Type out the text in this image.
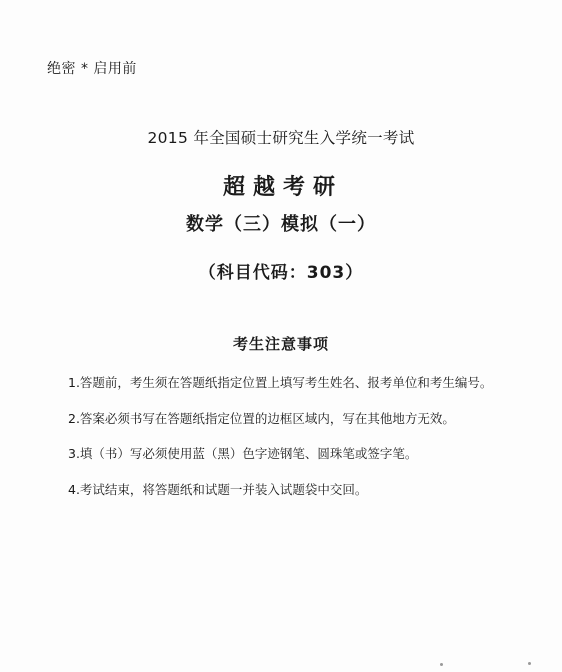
绝密 * 启用前
2015 年全国硕士研究生入学统一考试
超越考研
数学（三）模拟（一）
（科目代码：303）
考生注意事项
1.答题前，考生须在答题纸指定位置上填写考生姓名、报考单位和考生编号。
2.答案必须书写在答题纸指定位置的边框区域内，写在其他地方无效。
3.填（书）写必须使用蓝（黑）色字迹钢笔、圆珠笔或签字笔。
4.考试结束，将答题纸和试题一并装入试题袋中交回。
